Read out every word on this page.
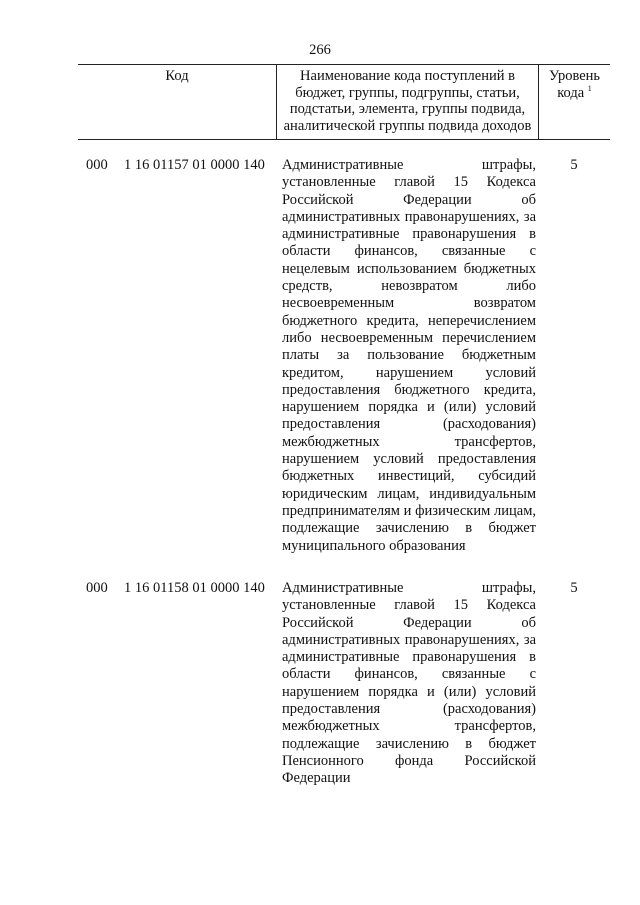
266
Код	Наименование кода поступлений в
бюджет, группы, подгруппы, статьи,
подстатьи, элемента, группы подвида,
аналитической группы подвида доходов
Уровень
кода $^1$
000 1 16 01157 01 0000 140 Административные штрафы,
установленные главой 15 Кодекса
Российской Федерации об
административных правонарушениях, за
административные правонарушения в
области финансов, связанные с
нецелевым использованием бюджетных
средств, невозвратом либо
несвоевременным возвратом
бюджетного кредита, неперечислением
либо несвоевременным перечислением
платы за пользование бюджетным
кредитом, нарушением условий
предоставления бюджетного кредита,
нарушением порядка и (или) условий
предоставления (расходования)
межбюджетных трансфертов,
нарушением условий предоставления
бюджетных инвестиций, субсидий
юридическим лицам, индивидуальным
предпринимателям и физическим лицам,
подлежащие зачислению в бюджет
муниципального образования
5
000 1 16 01158 01 0000 140 Административные штрафы,
установленные главой 15 Кодекса
Российской Федерации об
административных правонарушениях, за
административные правонарушения в
области финансов, связанные с
нарушением порядка и (или) условий
предоставления (расходования)
межбюджетных трансфертов,
подлежащие зачислению в бюджет
Пенсионного фонда Российской
Федерации
5
